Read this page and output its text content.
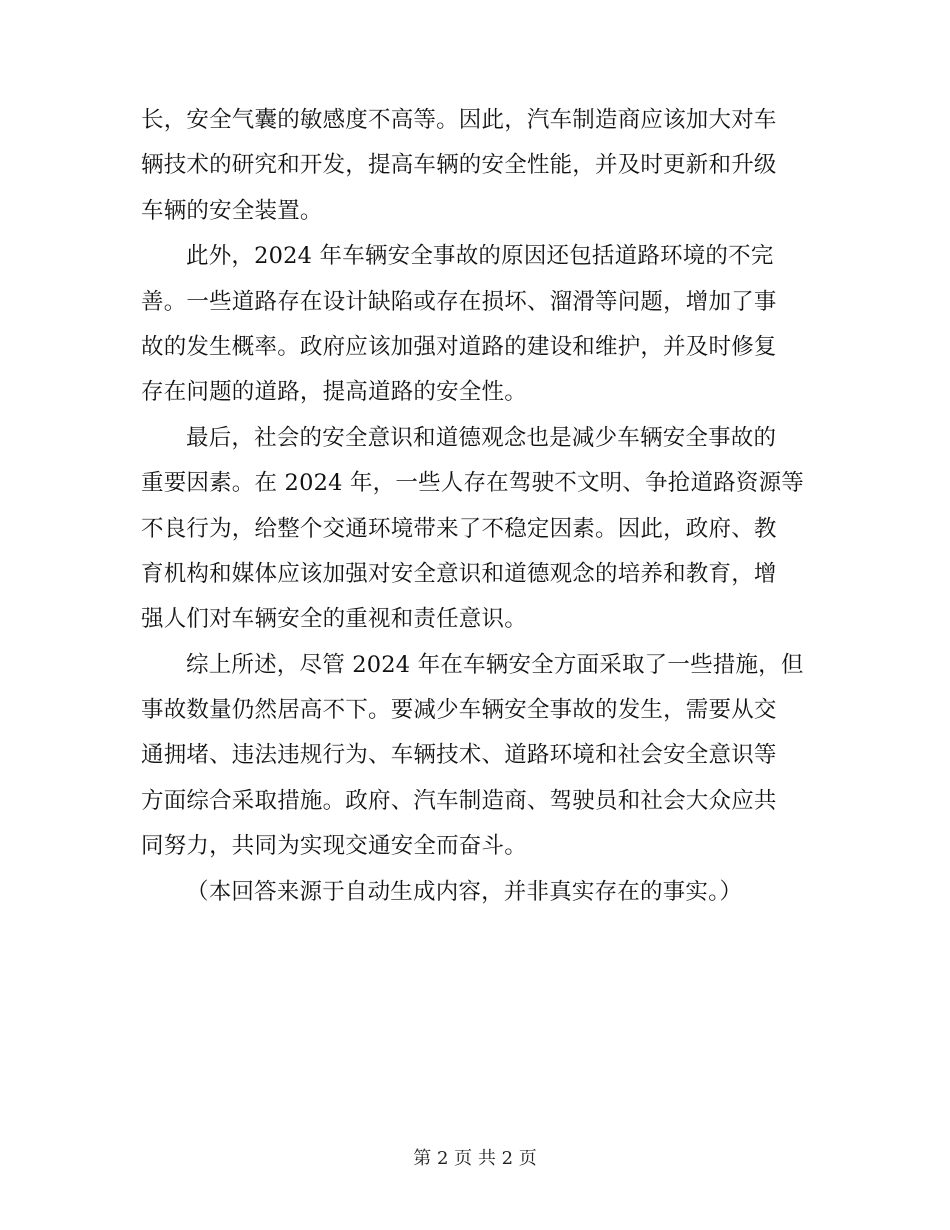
长，安全气囊的敏感度不高等。因此，汽车制造商应该加大对车
辆技术的研究和开发，提高车辆的安全性能，并及时更新和升级
车辆的安全装置。
此外，2024 年车辆安全事故的原因还包括道路环境的不完
善。一些道路存在设计缺陷或存在损坏、溜滑等问题，增加了事
故的发生概率。政府应该加强对道路的建设和维护，并及时修复
存在问题的道路，提高道路的安全性。
最后，社会的安全意识和道德观念也是减少车辆安全事故的
重要因素。在 2024 年，一些人存在驾驶不文明、争抢道路资源等
不良行为，给整个交通环境带来了不稳定因素。因此，政府、教
育机构和媒体应该加强对安全意识和道德观念的培养和教育，增
强人们对车辆安全的重视和责任意识。
综上所述，尽管 2024 年在车辆安全方面采取了一些措施，但
事故数量仍然居高不下。要减少车辆安全事故的发生，需要从交
通拥堵、违法违规行为、车辆技术、道路环境和社会安全意识等
方面综合采取措施。政府、汽车制造商、驾驶员和社会大众应共
同努力，共同为实现交通安全而奋斗。
（本回答来源于自动生成内容，并非真实存在的事实。）
第 2 页 共 2 页
